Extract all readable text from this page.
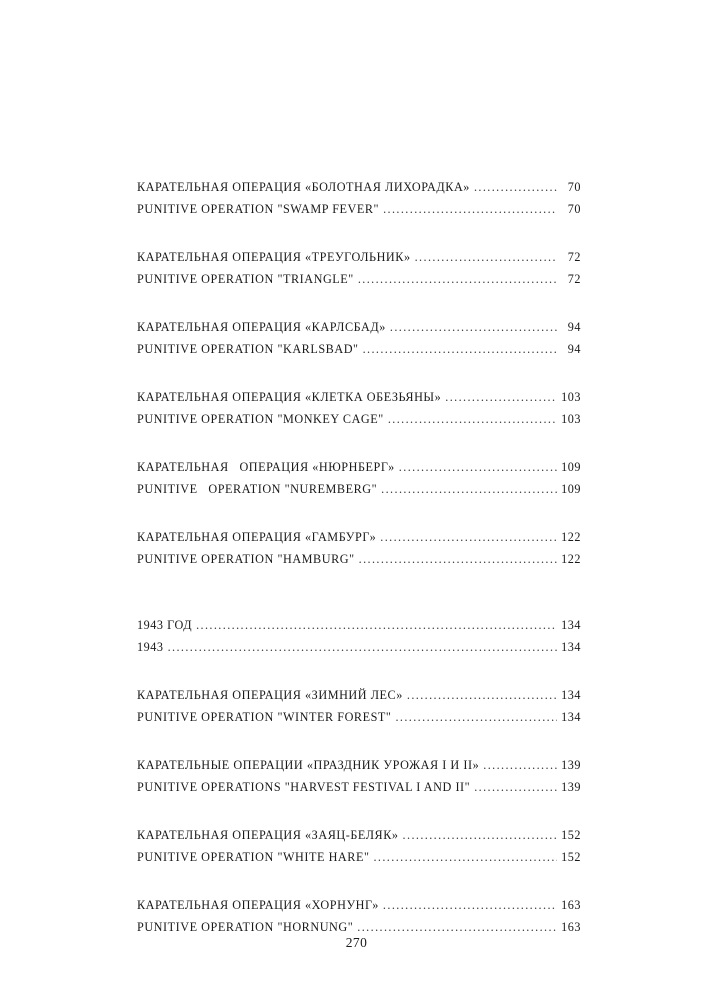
КАРАТЕЛЬНАЯ ОПЕРАЦИЯ «БОЛОТНАЯ ЛИХОРАДКА» .....	70
PUNITIVE OPERATION "SWAMP FEVER" .....	70
КАРАТЕЛЬНАЯ ОПЕРАЦИЯ «ТРЕУГОЛЬНИК» .....	72
PUNITIVE OPERATION "TRIANGLE" .....	72
КАРАТЕЛЬНАЯ ОПЕРАЦИЯ «КАРЛСБАД» .....	94
PUNITIVE OPERATION "KARLSBAD" .....	94
КАРАТЕЛЬНАЯ ОПЕРАЦИЯ «КЛЕТКА ОБЕЗЬЯНЫ» .....	103
PUNITIVE OPERATION "MONKEY CAGE" .....	103
КАРАТЕЛЬНАЯ   ОПЕРАЦИЯ «НЮРНБЕРГ» .....	109
PUNITIVE   OPERATION "NUREMBERG" .....	109
КАРАТЕЛЬНАЯ ОПЕРАЦИЯ «ГАМБУРГ» .....	122
PUNITIVE OPERATION "HAMBURG" .....	122
1943 ГОД .....	134
1943 .....	134
КАРАТЕЛЬНАЯ ОПЕРАЦИЯ «ЗИМНИЙ ЛЕС» .....	134
PUNITIVE OPERATION "WINTER FOREST" .....	134
КАРАТЕЛЬНЫЕ ОПЕРАЦИИ «ПРАЗДНИК УРОЖАЯ I И II» .....	139
PUNITIVE OPERATIONS "HARVEST FESTIVAL I AND II" .....	139
КАРАТЕЛЬНАЯ ОПЕРАЦИЯ «ЗАЯЦ-БЕЛЯК» .....	152
PUNITIVE OPERATION "WHITE HARE" .....	152
КАРАТЕЛЬНАЯ ОПЕРАЦИЯ «ХОРНУНГ» .....	163
PUNITIVE OPERATION "HORNUNG" .....	163
270
